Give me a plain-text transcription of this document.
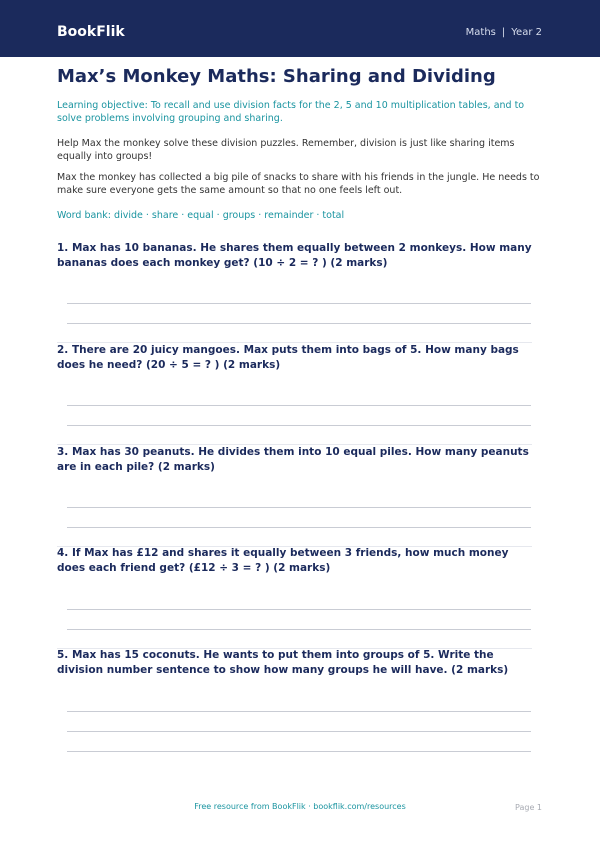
BookFlik	Maths | Year 2
Max’s Monkey Maths: Sharing and Dividing
Learning objective: To recall and use division facts for the 2, 5 and 10 multiplication tables, and to solve problems involving grouping and sharing.
Help Max the monkey solve these division puzzles. Remember, division is just like sharing items equally into groups!
Max the monkey has collected a big pile of snacks to share with his friends in the jungle. He needs to make sure everyone gets the same amount so that no one feels left out.
Word bank: divide · share · equal · groups · remainder · total
1. Max has 10 bananas. He shares them equally between 2 monkeys. How many bananas does each monkey get? (10 ÷ 2 = ? ) (2 marks)
2. There are 20 juicy mangoes. Max puts them into bags of 5. How many bags does he need? (20 ÷ 5 = ? ) (2 marks)
3. Max has 30 peanuts. He divides them into 10 equal piles. How many peanuts are in each pile? (2 marks)
4. If Max has £12 and shares it equally between 3 friends, how much money does each friend get? (£12 ÷ 3 = ? ) (2 marks)
5. Max has 15 coconuts. He wants to put them into groups of 5. Write the division number sentence to show how many groups he will have. (2 marks)
Free resource from BookFlik · bookflik.com/resources	Page 1
